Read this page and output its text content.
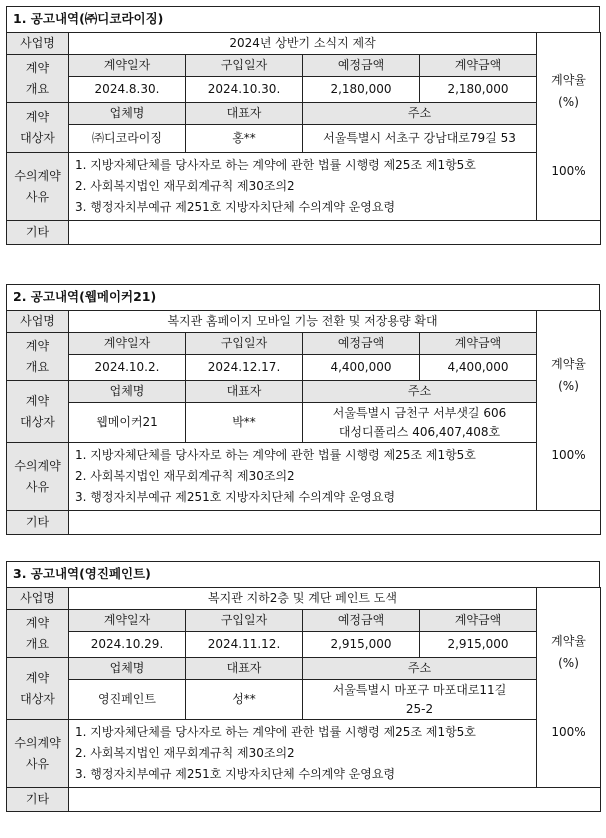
1. 공고내역(㈜디코라이징)
사업명	2024년 상반기 소식지 제작				계약율
(%)
100%

계약
개요	계약일자	구입일자	예정금액	계약금액	
	2024.8.30.	2024.10.30.	2,180,000	2,180,000	
계약
대상자	업체명	대표자	주소		
	㈜디코라이징	홍**	서울특별시 서초구 강남대로79길 53		
수의계약
사유	1. 지방자체단체를 당사자로 하는 계약에 관한 법률 시행령 제25조 제1항5호
2. 사회복지법인 재무회계규칙 제30조의2
3. 행정자치부예규 제251호 지방자치단체 수의계약 운영요령				

기타					
2. 공고내역(웹메이커21)
사업명	복지관 홈페이지 모바일 기능 전환 및 저장용량 확대				계약율
(%)
100%

계약
개요	계약일자	구입일자	예정금액	계약금액	
	2024.10.2.	2024.12.17.	4,400,000	4,400,000	
계약
대상자	업체명	대표자	주소		
	웹메이커21	박**	서울특별시 금천구 서부샛길 606
대성디폴리스 406,407,408호		
수의계약
사유	1. 지방자체단체를 당사자로 하는 계약에 관한 법률 시행령 제25조 제1항5호
2. 사회복지법인 재무회계규칙 제30조의2
3. 행정자치부예규 제251호 지방자치단체 수의계약 운영요령				

기타					
3. 공고내역(영진페인트)
사업명	복지관 지하2층 및 계단 페인트 도색				계약율
(%)
100%

계약
개요	계약일자	구입일자	예정금액	계약금액	
	2024.10.29.	2024.11.12.	2,915,000	2,915,000	
계약
대상자	업체명	대표자	주소		
	영진페인트	성**	서울특별시 마포구 마포대로11길
25-2		
수의계약
사유	1. 지방자체단체를 당사자로 하는 계약에 관한 법률 시행령 제25조 제1항5호
2. 사회복지법인 재무회계규칙 제30조의2
3. 행정자치부예규 제251호 지방자치단체 수의계약 운영요령				

기타					
